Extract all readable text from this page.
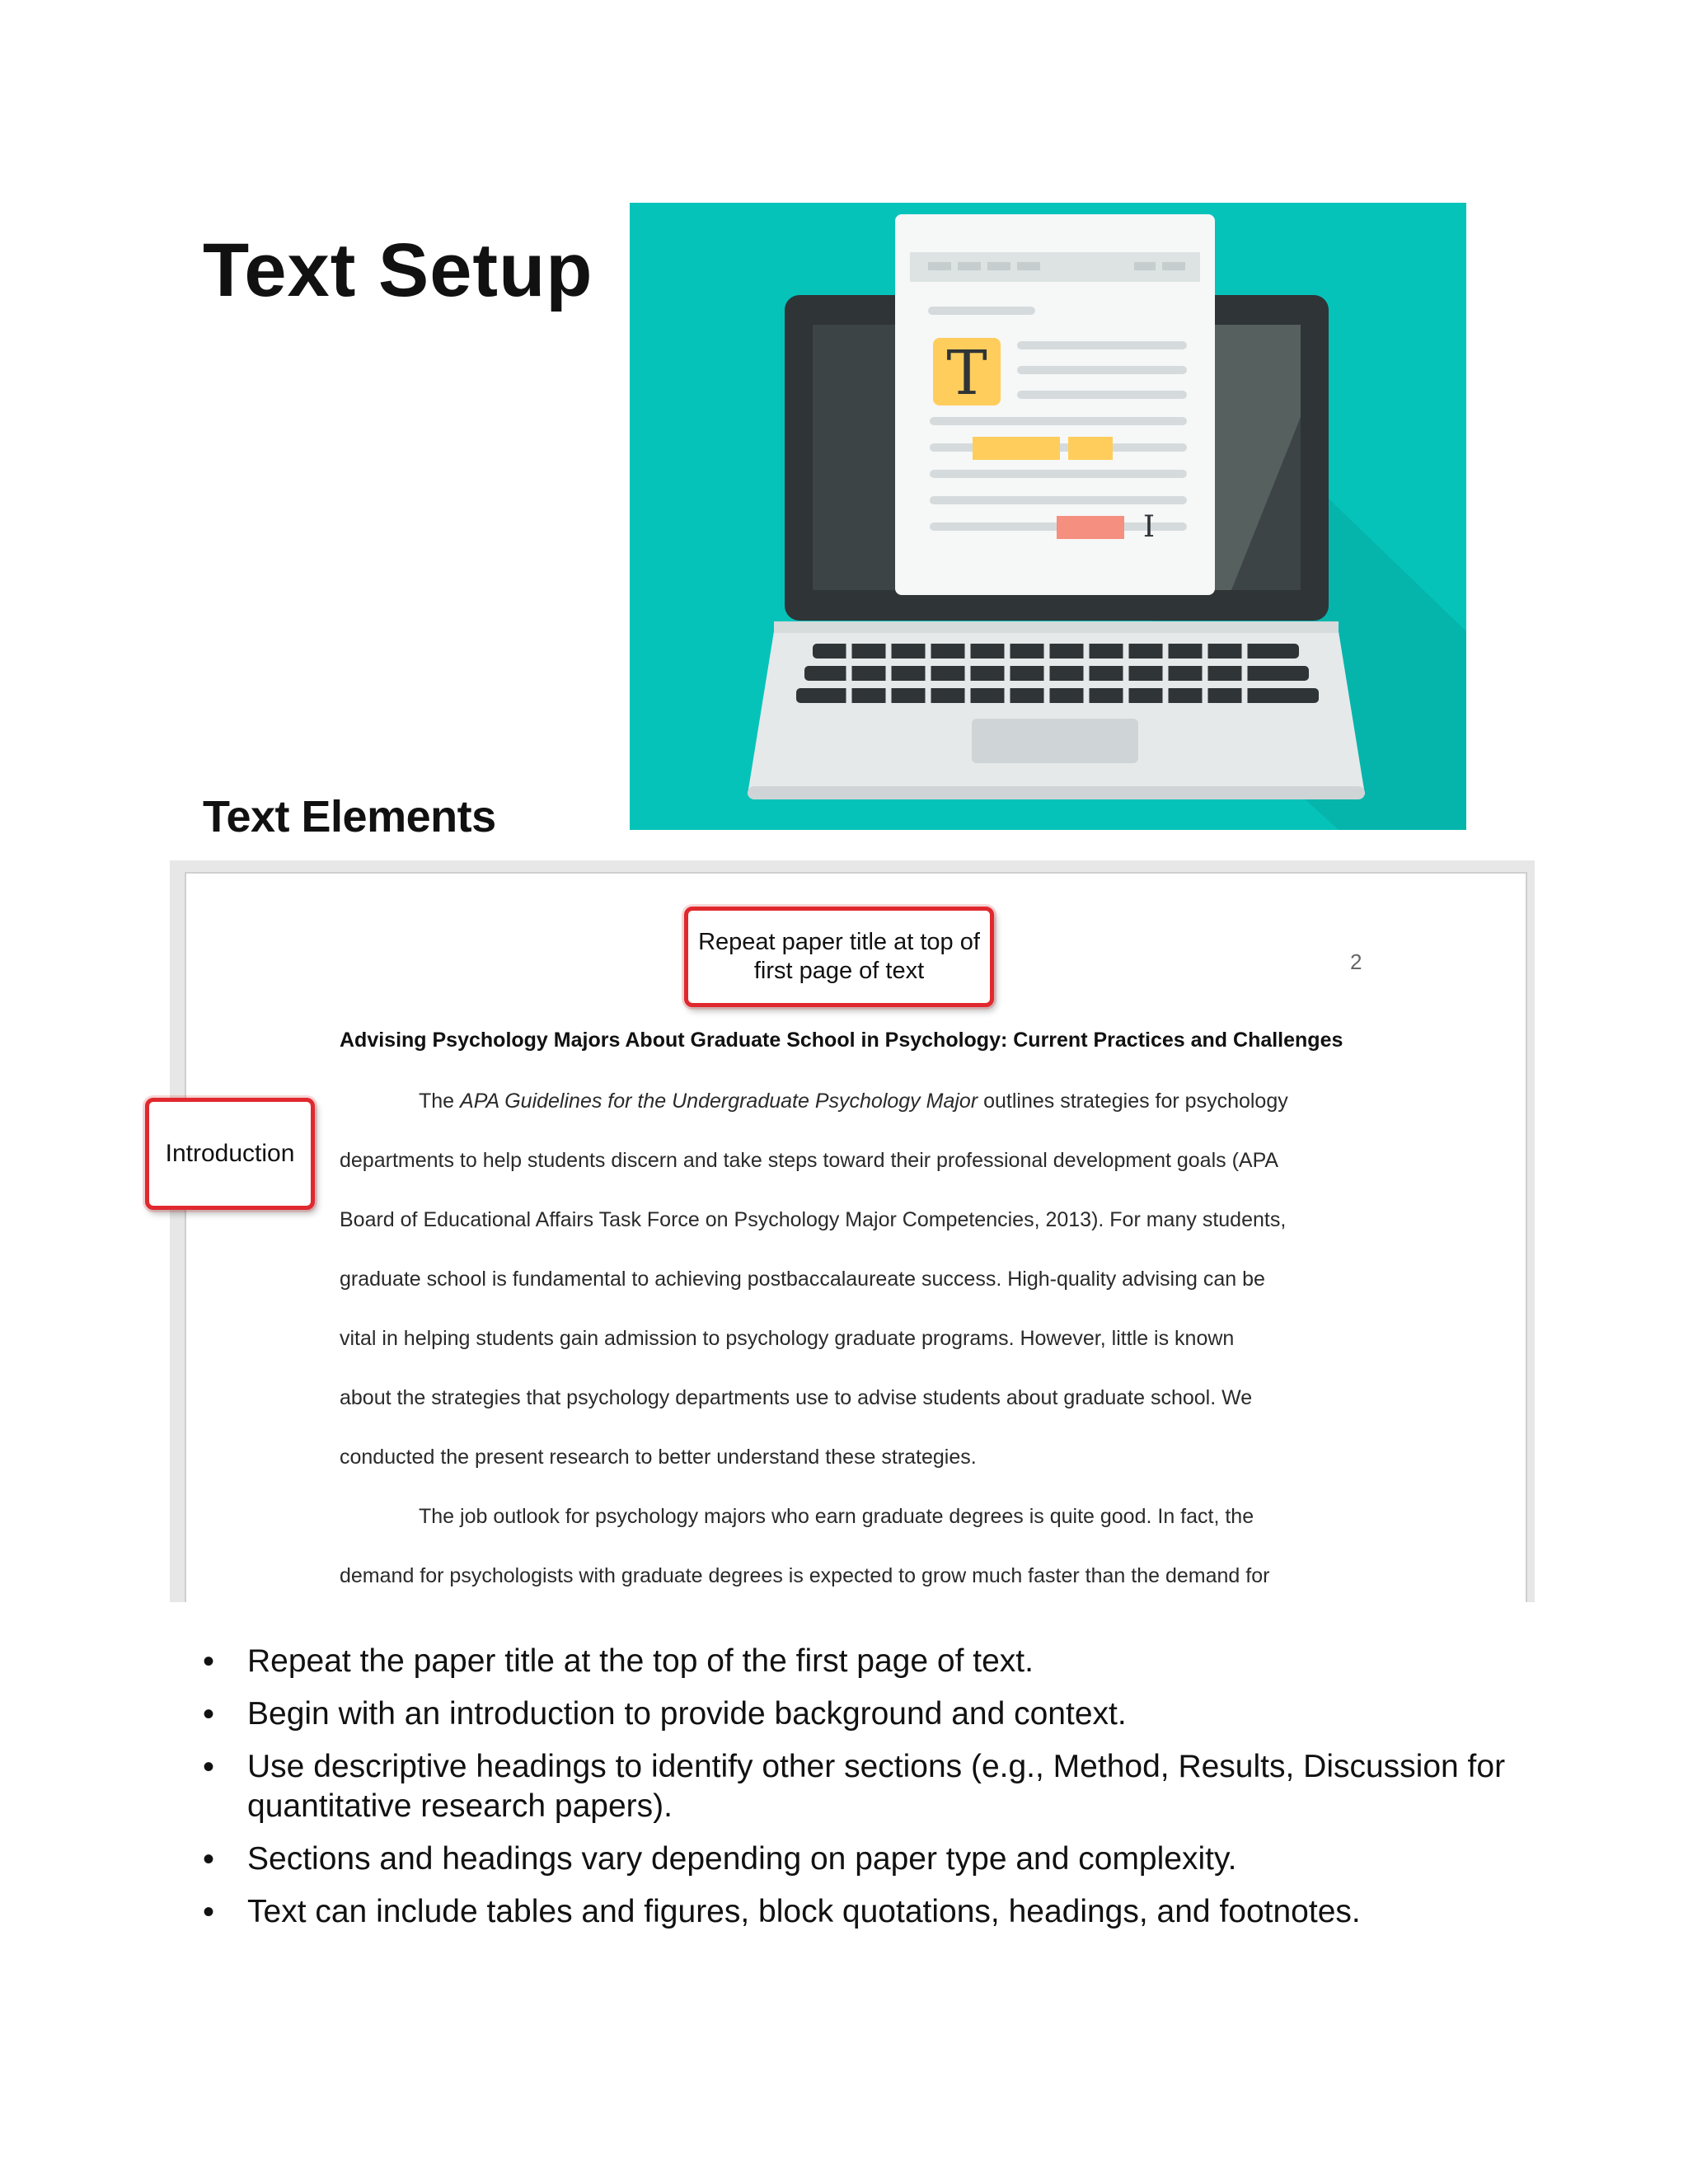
Text Setup
T
I
Text Elements
2
Advising Psychology Majors About Graduate School in Psychology: Current Practices and Challenges
The APA Guidelines for the Undergraduate Psychology Major outlines strategies for psychology
departments to help students discern and take steps toward their professional development goals (APA
Board of Educational Affairs Task Force on Psychology Major Competencies, 2013). For many students,
graduate school is fundamental to achieving postbaccalaureate success. High-quality advising can be
vital in helping students gain admission to psychology graduate programs. However, little is known
about the strategies that psychology departments use to advise students about graduate school. We
conducted the present research to better understand these strategies.
The job outlook for psychology majors who earn graduate degrees is quite good. In fact, the
demand for psychologists with graduate degrees is expected to grow much faster than the demand for
Repeat paper title at top of first page of text
Introduction
• Repeat the paper title at the top of the first page of text.
• Begin with an introduction to provide background and context.
• Use descriptive headings to identify other sections (e.g., Method, Results, Discussion for quantitative research papers).
• Sections and headings vary depending on paper type and complexity.
• Text can include tables and figures, block quotations, headings, and footnotes.
